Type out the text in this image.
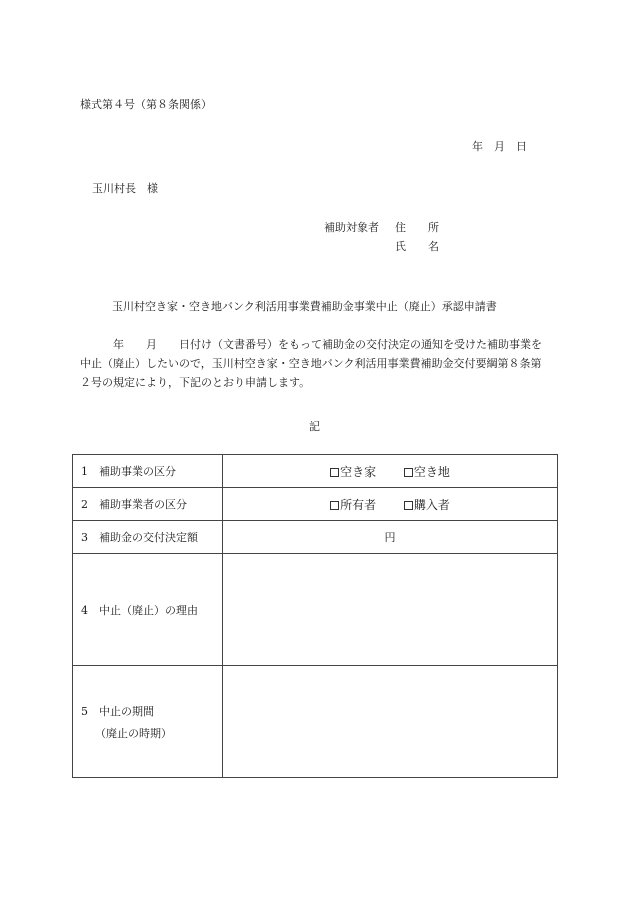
様式第４号（第８条関係）
年　月　日
玉川村長　様
補助対象者 住　　所
氏　　名
玉川村空き家・空き地バンク利活用事業費補助金事業中止（廃止）承認申請書
　　　年　　月　　日付け（文書番号）をもって補助金の交付決定の通知を受けた補助事業を中止（廃止）したいので，玉川村空き家・空き地バンク利活用事業費補助金交付要綱第８条第２号の規定により，下記のとおり申請します。
記
1　補助事業の区分	空き家 空き地
2　補助事業者の区分	所有者 購入者
3　補助金の交付決定額	円
4　中止（廃止）の理由	

5　中止の期間
（廃止の時期）	
